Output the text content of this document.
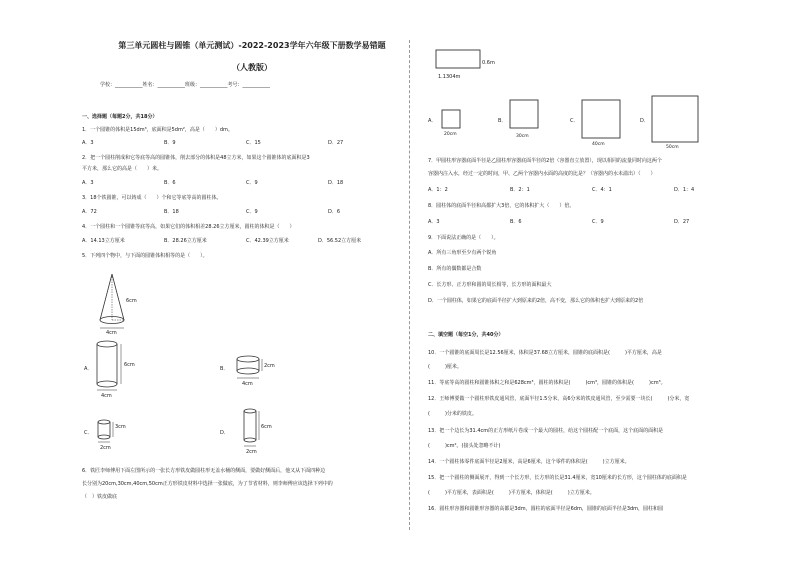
第三单元圆柱与圆锥（单元测试）-2022-2023学年六年级下册数学易错题
（人教版）
学校：___________姓名：___________班级：___________考号：___________
一、选择题（每题2分，共18分）
1．一个圆锥的体积是15dm³，底面积是5dm²，高是（　　）dm。
A．3	B．9	C．15	D．27
2．把一个圆柱削成和它等底等高的圆锥体，削去部分的体积是48立方米，如果这个圆锥体的底面积是3
平方米，那么它的高是（　　）米。
A．3	B．6	C．9	D．18
3．18个铁圆锥，可以铸成（　　）个和它等底等高的圆柱体。
A．72	B．18	C．9	D．6
4．一个圆柱和一个圆锥等底等高，如果它们的体积相差28.26立方厘米，圆柱的体积是（　　）
A．14.13立方厘米	B．28.26立方厘米	C．42.39立方厘米	D．56.52立方厘米
5．下列四个物中，与下面的圆锥体积相等的是（　　）。
6cm
4cm
A．
6cm
4cm
B．	2cm
4cm
C．
3cm
2cm
D．
6cm
2cm
6．铁匠李师傅用下面左图所示的一张长方形铁皮做圆柱形无盖水桶的侧面，要做好侧面后，他又从下面四种边
长分别为20cm,30cm,40cm,50cm正方形铁皮材料中选择一张做底，为了节省材料，则李师傅应该选择下列中的
（　）铁皮做底
0.6m
1.1304m
A．
20cm
B．
30cm
C．
40cm
D．
50cm
7．甲圆柱形容器底面半径是乙圆柱形容器底面半径的2倍（容器直立放置），现以相同的流量同时向这两个
容器内注入水，经过一定的时间，甲、乙两个容器内水面的高度的比是？（容器内的水未溢出）（　　）
A．1：2	B．2：1	C．4：1	D．1：4
8．圆柱体的底面半径和高都扩大3倍，它的体积扩大（　　）倍。
A．3	B．6	C．9	D．27
9．下面说法正确的是（　　）。
A．所有三角形至少有两个锐角
B．所有的偶数都是合数
C．长方形、正方形和圆的周长相等，长方形的面积最大
D．一个圆柱体，如果它的底面半径扩大到原来的2倍，高不变，那么它的体积也扩大到原来的2倍
二、填空题（每空1分，共40分）
10．一个圆锥的底面周长是12.56厘米，体积是37.68立方厘米，圆锥的底面积是(　　　)平方厘米，高是
(　　　)厘米。
11．等底等高的圆柱和圆锥体积之和是628cm³，圆柱的体积是(　　　)cm³，圆锥的体积是(　　　)cm³。
12．王师傅要做一个圆柱形铁皮通风管，底面半径1.5分米，高6分米的铁皮通风管，至少需要一块长(　　　)分米，宽
(　　　)分米的铁皮。
13．把一个边长为31.4cm的正方形纸片卷成一个最大的圆柱，给这个圆柱配一个底面，这个底面的面积是
(　　　)cm²。(接头处忽略不计)
14．一个圆柱体零件底面半径是2厘米，高是6厘米，这个零件的体积是(　　　)立方厘米。
15．把一个圆柱的侧面展开，得到一个长方形，长方形的长是31.4厘米，宽10厘米的长方形，这个圆柱体的底面积是
(　　　)平方厘米，表面积是(　　　)平方厘米，体积是(　　　)立方厘米。
16．圆柱形容器和圆锥形容器的高都是3dm，圆柱的底面半径是6dm，圆锥的底面半径是3dm，圆柱和圆
